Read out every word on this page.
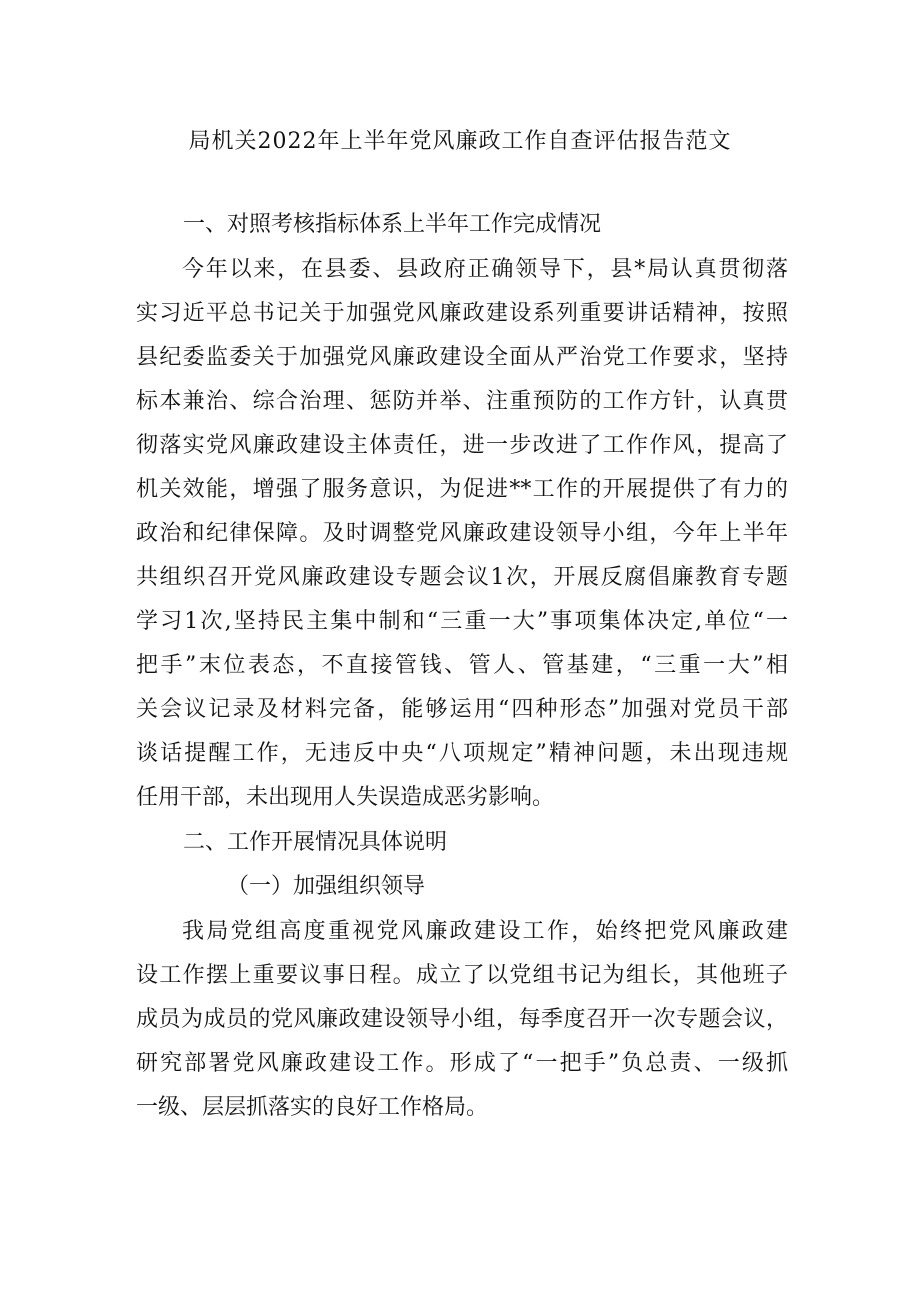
局机关2022年上半年党风廉政工作自查评估报告范文
一、对照考核指标体系上半年工作完成情况
今年以来，在县委、县政府正确领导下，县*局认真贯彻落
实习近平总书记关于加强党风廉政建设系列重要讲话精神，按照
县纪委监委关于加强党风廉政建设全面从严治党工作要求，坚持
标本兼治、综合治理、惩防并举、注重预防的工作方针，认真贯
彻落实党风廉政建设主体责任，进一步改进了工作作风，提高了
机关效能，增强了服务意识，为促进**工作的开展提供了有力的
政治和纪律保障。及时调整党风廉政建设领导小组，今年上半年
共组织召开党风廉政建设专题会议1次，开展反腐倡廉教育专题
学习1次,坚持民主集中制和“三重一大”事项集体决定,单位“一
把手”末位表态，不直接管钱、管人、管基建，“三重一大”相
关会议记录及材料完备，能够运用“四种形态”加强对党员干部
谈话提醒工作，无违反中央“八项规定”精神问题，未出现违规
任用干部，未出现用人失误造成恶劣影响。
二、工作开展情况具体说明
（一）加强组织领导
我局党组高度重视党风廉政建设工作，始终把党风廉政建
设工作摆上重要议事日程。成立了以党组书记为组长，其他班子
成员为成员的党风廉政建设领导小组，每季度召开一次专题会议，
研究部署党风廉政建设工作。形成了“一把手”负总责、一级抓
一级、层层抓落实的良好工作格局。
